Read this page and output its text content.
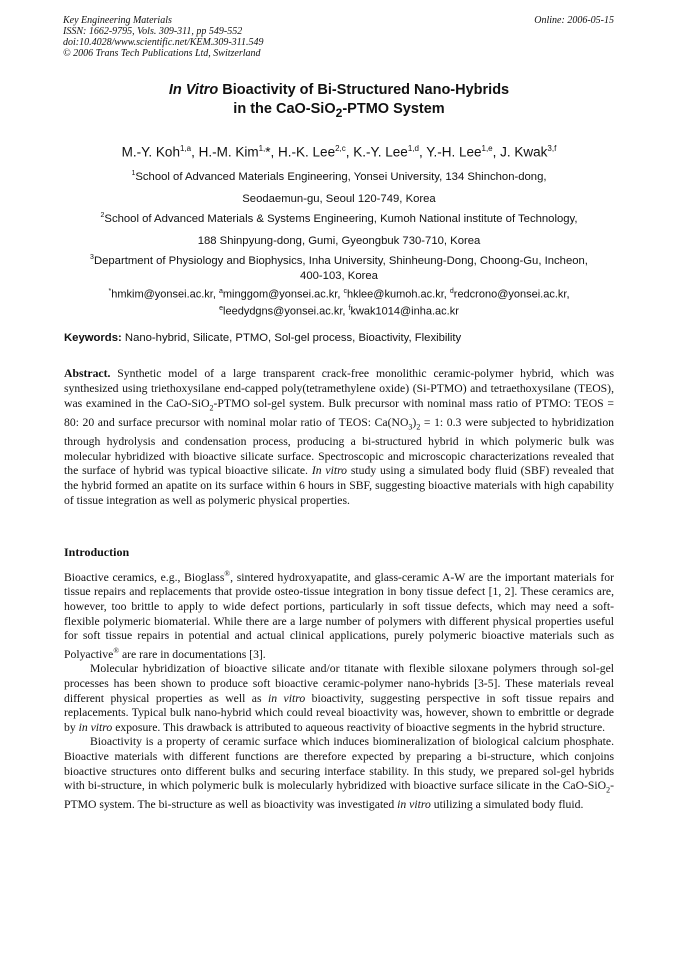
Key Engineering Materials
ISSN: 1662-9795, Vols. 309-311, pp 549-552
doi:10.4028/www.scientific.net/KEM.309-311.549
© 2006 Trans Tech Publications Ltd, Switzerland
Online: 2006-05-15
In Vitro Bioactivity of Bi-Structured Nano-Hybrids
in the CaO-SiO$_2$-PTMO System
M.-Y. Koh$^{1,a}$, H.-M. Kim$^{1,}$*, H.-K. Lee$^{2,c}$, K.-Y. Lee$^{1,d}$, Y.-H. Lee$^{1,e}$, J. Kwak$^{3,f}$
$^1$School of Advanced Materials Engineering, Yonsei University, 134 Shinchon-dong,
Seodaemun-gu, Seoul 120-749, Korea
$^2$School of Advanced Materials & Systems Engineering, Kumoh National institute of Technology,
188 Shinpyung-dong, Gumi, Gyeongbuk 730-710, Korea
$^3$Department of Physiology and Biophysics, Inha University, Shinheung-Dong, Choong-Gu, Incheon,
400-103, Korea
*hmkim@yonsei.ac.kr, $^a$minggom@yonsei.ac.kr, $^c$hklee@kumoh.ac.kr, $^d$redcrono@yonsei.ac.kr,
$^e$leedydgns@yonsei.ac.kr, $^f$kwak1014@inha.ac.kr
Keywords: Nano-hybrid, Silicate, PTMO, Sol-gel process, Bioactivity, Flexibility
Abstract. Synthetic model of a large transparent crack-free monolithic ceramic-polymer hybrid, which was synthesized using triethoxysilane end-capped poly(tetramethylene oxide) (Si-PTMO) and tetraethoxysilane (TEOS), was examined in the CaO-SiO$_2$-PTMO sol-gel system. Bulk precursor with nominal mass ratio of PTMO: TEOS = 80: 20 and surface precursor with nominal molar ratio of TEOS: $Ca(NO_3)_2 = 1$: 0.3 were subjected to hybridization through hydrolysis and condensation process, producing a bi-structured hybrid in which polymeric bulk was molecular hybridized with bioactive silicate surface. Spectroscopic and microscopic characterizations revealed that the surface of hybrid was typical bioactive silicate. In vitro study using a simulated body fluid (SBF) revealed that the hybrid formed an apatite on its surface within 6 hours in SBF, suggesting bioactive materials with high capability of tissue integration as well as polymeric physical properties.
Introduction

Bioactive ceramics, e.g., Bioglass®, sintered hydroxyapatite, and glass-ceramic A-W are the important materials for tissue repairs and replacements that provide osteo-tissue integration in bony tissue defect [1, 2]. These ceramics are, however, too brittle to apply to wide defect portions, particularly in soft tissue defects, which may need a soft-flexible polymeric biomaterial. While there are a large number of polymers with different physical properties useful for soft tissue repairs in potential and actual clinical applications, purely polymeric bioactive materials such as Polyactive® are rare in documentations [3].

Molecular hybridization of bioactive silicate and/or titanate with flexible siloxane polymers through sol-gel processes has been shown to produce soft bioactive ceramic-polymer nano-hybrids [3-5]. These materials reveal different physical properties as well as in vitro bioactivity, suggesting perspective in soft tissue repairs and replacements. Typical bulk nano-hybrid which could reveal bioactivity was, however, shown to embrittle or degrade by in vitro exposure. This drawback is attributed to aqueous reactivity of bioactive segments in the hybrid structure.

Bioactivity is a property of ceramic surface which induces biomineralization of biological calcium phosphate. Bioactive materials with different functions are therefore expected by preparing a bi-structure, which conjoins bioactive structures onto different bulks and securing interface stability. In this study, we prepared sol-gel hybrids with bi-structure, in which polymeric bulk is molecularly hybridized with bioactive surface silicate in the CaO-SiO$_2$-PTMO system. The bi-structure as well as bioactivity was investigated in vitro utilizing a simulated body fluid.
